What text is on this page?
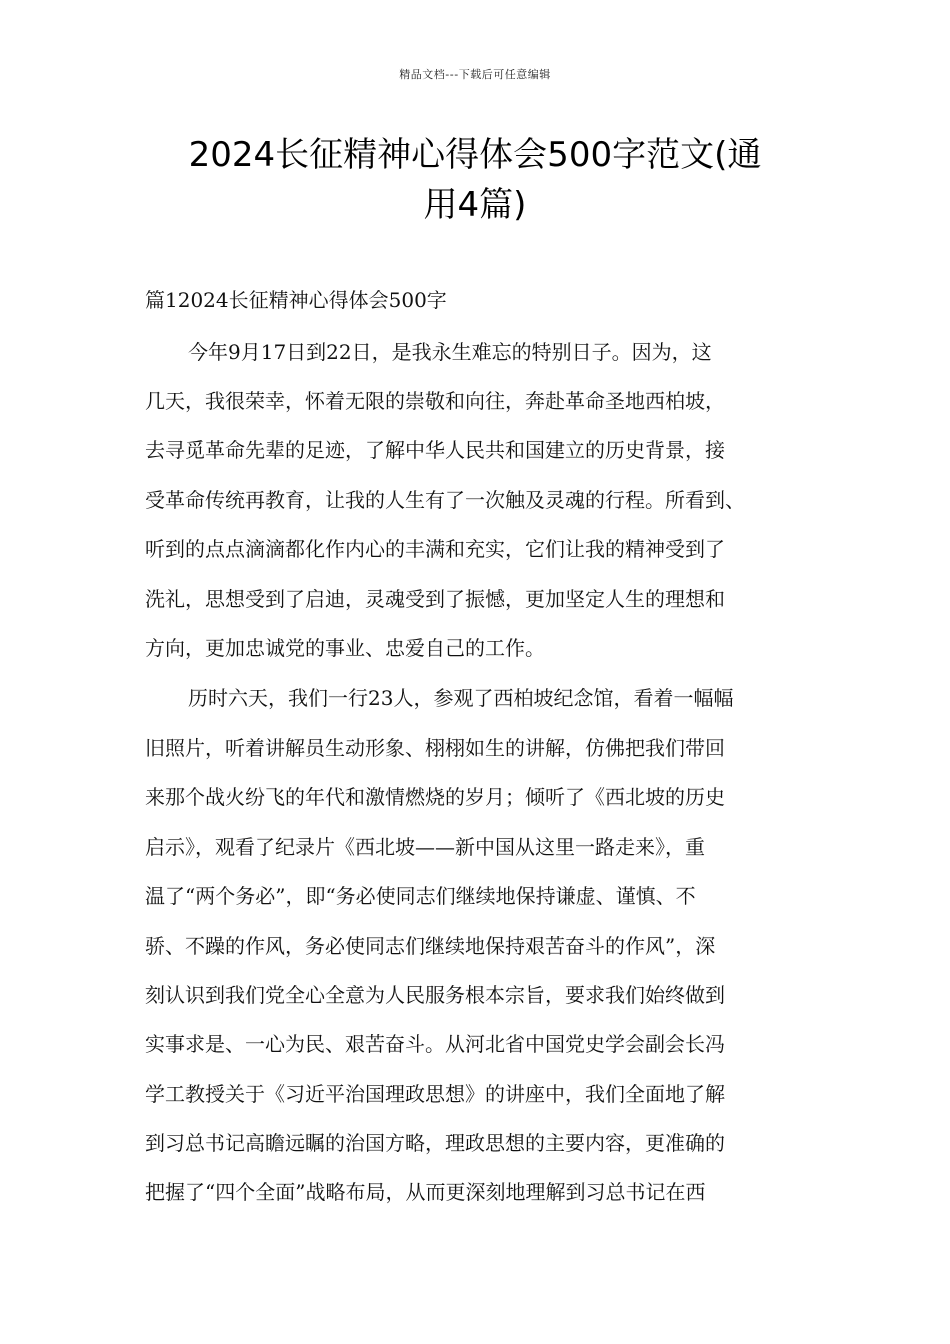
精品文档---下载后可任意编辑
2024长征精神心得体会500字范文(通
用4篇)
篇12024长征精神心得体会500字
今年9月17日到22日，是我永生难忘的特别日子。因为，这
几天，我很荣幸，怀着无限的崇敬和向往，奔赴革命圣地西柏坡，
去寻觅革命先辈的足迹，了解中华人民共和国建立的历史背景，接
受革命传统再教育，让我的人生有了一次触及灵魂的行程。所看到、
听到的点点滴滴都化作内心的丰满和充实，它们让我的精神受到了
洗礼，思想受到了启迪，灵魂受到了振憾，更加坚定人生的理想和
方向，更加忠诚党的事业、忠爱自己的工作。
历时六天，我们一行23人，参观了西柏坡纪念馆，看着一幅幅
旧照片，听着讲解员生动形象、栩栩如生的讲解，仿佛把我们带回
来那个战火纷飞的年代和激情燃烧的岁月；倾听了《西北坡的历史
启示》，观看了纪录片《西北坡——新中国从这里一路走来》，重
温了“两个务必”，即“务必使同志们继续地保持谦虚、谨慎、不
骄、不躁的作风，务必使同志们继续地保持艰苦奋斗的作风”，深
刻认识到我们党全心全意为人民服务根本宗旨，要求我们始终做到
实事求是、一心为民、艰苦奋斗。从河北省中国党史学会副会长冯
学工教授关于《习近平治国理政思想》的讲座中，我们全面地了解
到习总书记高瞻远瞩的治国方略，理政思想的主要内容，更准确的
把握了“四个全面”战略布局，从而更深刻地理解到习总书记在西
